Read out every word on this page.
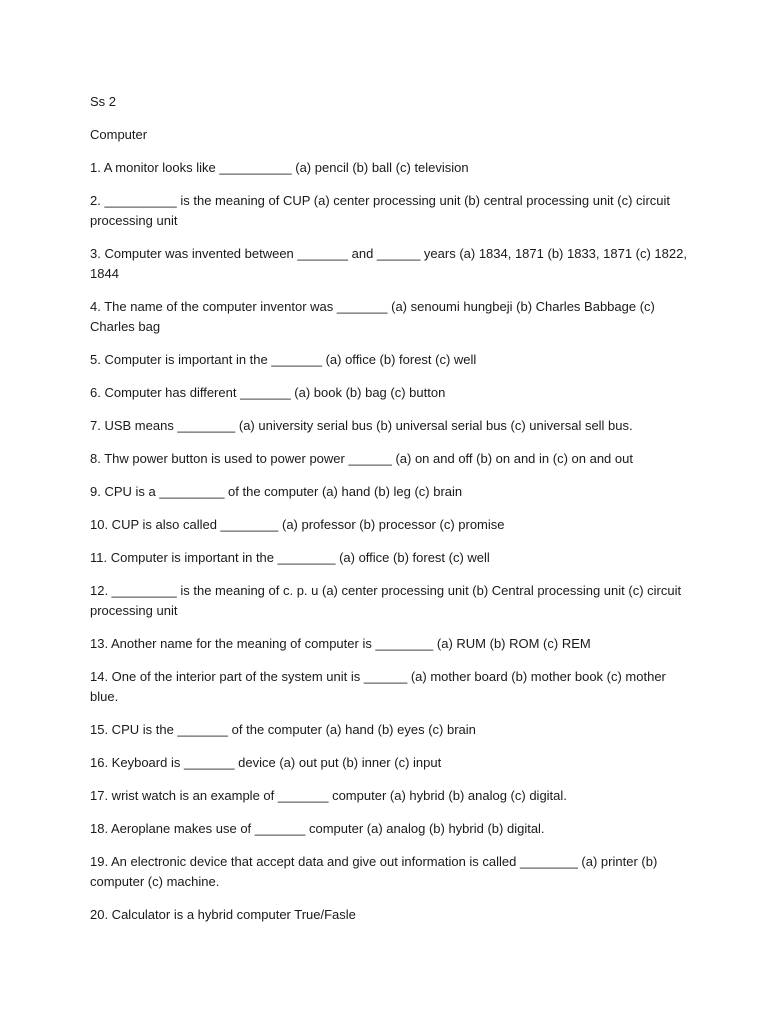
Ss 2

Computer

1. A monitor looks like __________ (a) pencil (b) ball (c) television

2. __________ is the meaning of CUP (a) center processing unit (b) central processing unit (c) circuit processing unit

3. Computer was invented between _______ and ______ years (a) 1834, 1871 (b) 1833, 1871 (c) 1822, 1844

4. The name of the computer inventor was _______ (a) senoumi hungbeji (b) Charles Babbage (c) Charles bag

5. Computer is important in the _______ (a) office (b) forest (c) well

6. Computer has different _______ (a) book (b) bag (c) button

7. USB means ________ (a) university serial bus (b) universal serial bus (c) universal sell bus.

8. Thw power button is used to power power ______ (a) on and off (b) on and in (c) on and out

9. CPU is a _________ of the computer (a) hand (b) leg (c) brain

10. CUP is also called ________ (a) professor (b) processor (c) promise

11. Computer is important in the ________ (a) office (b) forest (c) well

12. _________ is the meaning of c. p. u (a) center processing unit (b) Central processing unit (c) circuit processing unit

13. Another name for the meaning of computer is ________ (a) RUM (b) ROM (c) REM

14. One of the interior part of the system unit is ______ (a) mother board (b) mother book (c) mother blue.

15. CPU is the _______ of the computer (a) hand (b) eyes (c) brain

16. Keyboard is _______ device (a) out put (b) inner (c) input

17. wrist watch is an example of _______ computer (a) hybrid (b) analog (c) digital.

18. Aeroplane makes use of _______ computer (a) analog (b) hybrid (b) digital.

19. An electronic device that accept data and give out information is called ________ (a) printer (b) computer (c) machine.

20. Calculator is a hybrid computer True/Fasle
